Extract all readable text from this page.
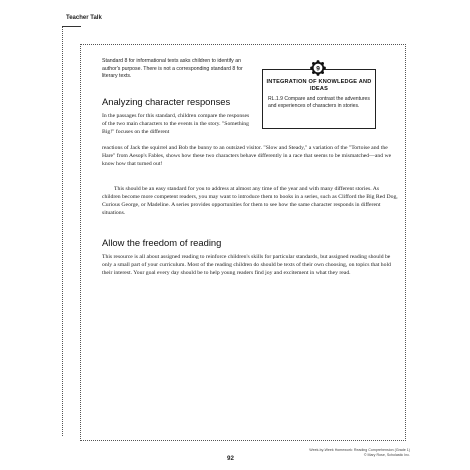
Teacher Talk
Standard 8 for informational texts asks children to identify an author's purpose. There is not a corresponding standard 8 for literary texts.
9
INTEGRATION OF KNOWLEDGE AND IDEAS
RL.1.9 Compare and contrast the adventures and experiences of characters in stories.
Analyzing character responses
In the passages for this standard, children compare the responses of the two main characters to the events in the story. "Something Big!" focuses on the different
reactions of Jack the squirrel and Bob the bunny to an outsized visitor. "Slow and Steady," a variation of the "Tortoise and the Hare" from Aesop's Fables, shows how these two characters behave differently in a race that seems to be mismatched—and we know how that turned out!
This should be an easy standard for you to address at almost any time of the year and with many different stories. As children become more competent readers, you may want to introduce them to books in a series, such as Clifford the Big Red Dog, Curious George, or Madeline. A series provides opportunities for them to see how the same character responds in different situations.
Allow the freedom of reading
This resource is all about assigned reading to reinforce children's skills for particular standards, but assigned reading should be only a small part of your curriculum. Most of the reading children do should be texts of their own choosing, on topics that hold their interest. Your goal every day should be to help young readers find joy and excitement in what they read.
92
Week-by-Week Homework: Reading Comprehension (Grade 1)
© Mary Rose, Scholastic Inc.
